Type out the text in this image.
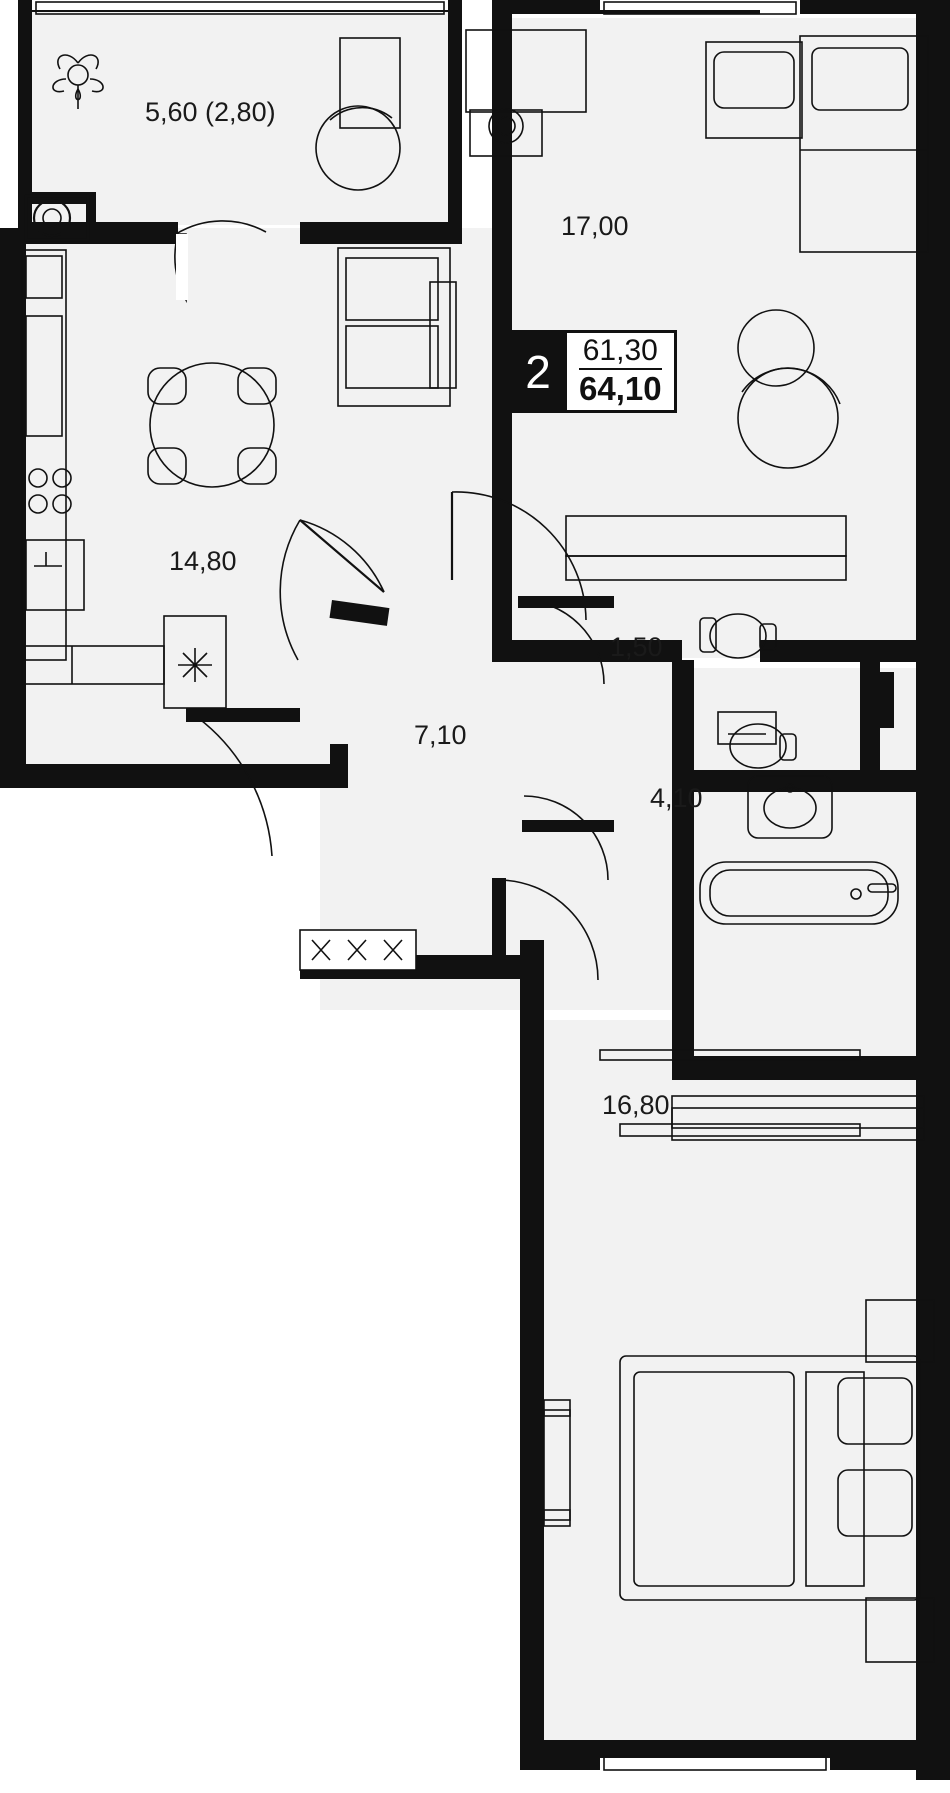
5,60 (2,80)
17,00
14,80
1,50
7,10
4,10
16,80
2	61,30
64,10
